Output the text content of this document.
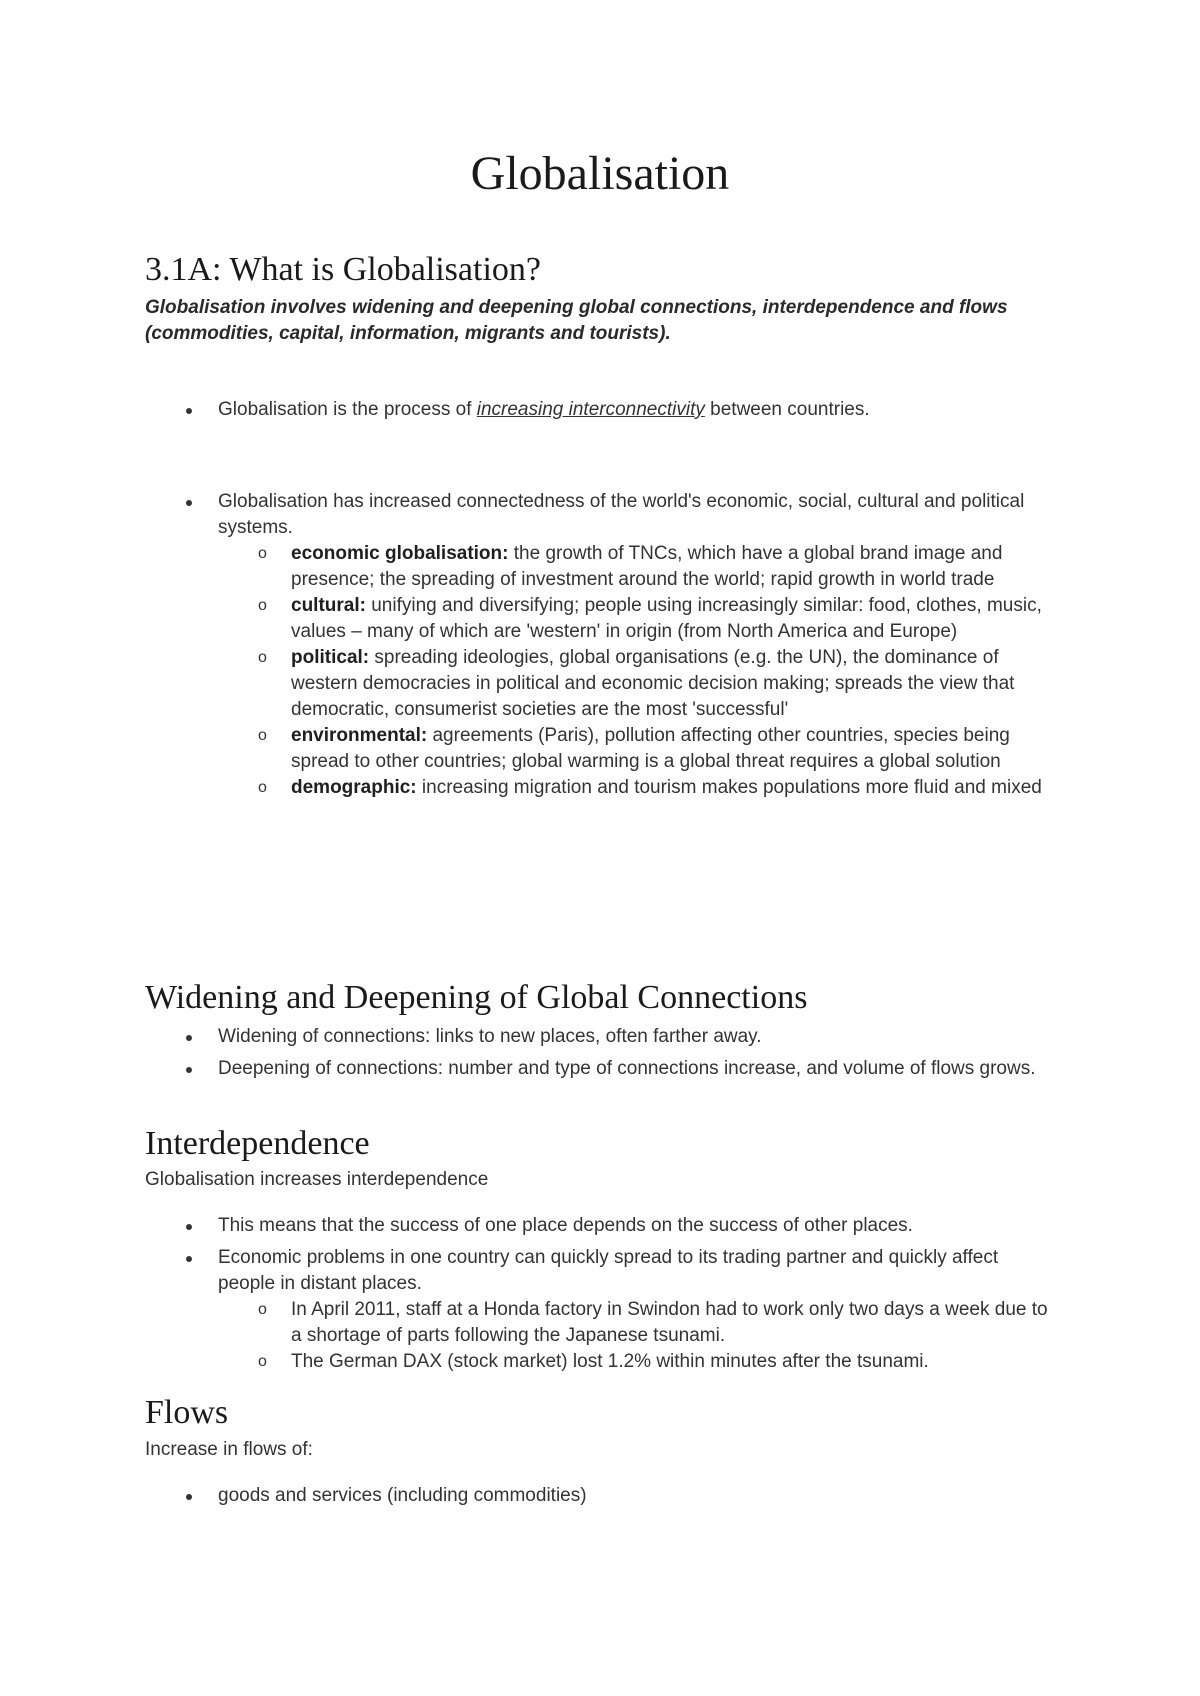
Globalisation
3.1A: What is Globalisation?

Globalisation involves widening and deepening global connections, interdependence and flows (commodities, capital, information, migrants and tourists).

Globalisation is the process of increasing interconnectivity between countries.
Globalisation has increased connectedness of the world's economic, social, cultural and political systems.
o economic globalisation: the growth of TNCs, which have a global brand image and presence; the spreading of investment around the world; rapid growth in world trade
o cultural: unifying and diversifying; people using increasingly similar: food, clothes, music, values – many of which are 'western' in origin (from North America and Europe)
o political: spreading ideologies, global organisations (e.g. the UN), the dominance of western democracies in political and economic decision making; spreads the view that democratic, consumerist societies are the most 'successful'
o environmental: agreements (Paris), pollution affecting other countries, species being spread to other countries; global warming is a global threat requires a global solution
o demographic: increasing migration and tourism makes populations more fluid and mixed
Widening and Deepening of Global Connections
Widening of connections: links to new places, often farther away.
Deepening of connections: number and type of connections increase, and volume of flows grows.
Interdependence

Globalisation increases interdependence

This means that the success of one place depends on the success of other places.
Economic problems in one country can quickly spread to its trading partner and quickly affect people in distant places.
o In April 2011, staff at a Honda factory in Swindon had to work only two days a week due to a shortage of parts following the Japanese tsunami.
o The German DAX (stock market) lost 1.2% within minutes after the tsunami.
Flows

Increase in flows of:

goods and services (including commodities)
